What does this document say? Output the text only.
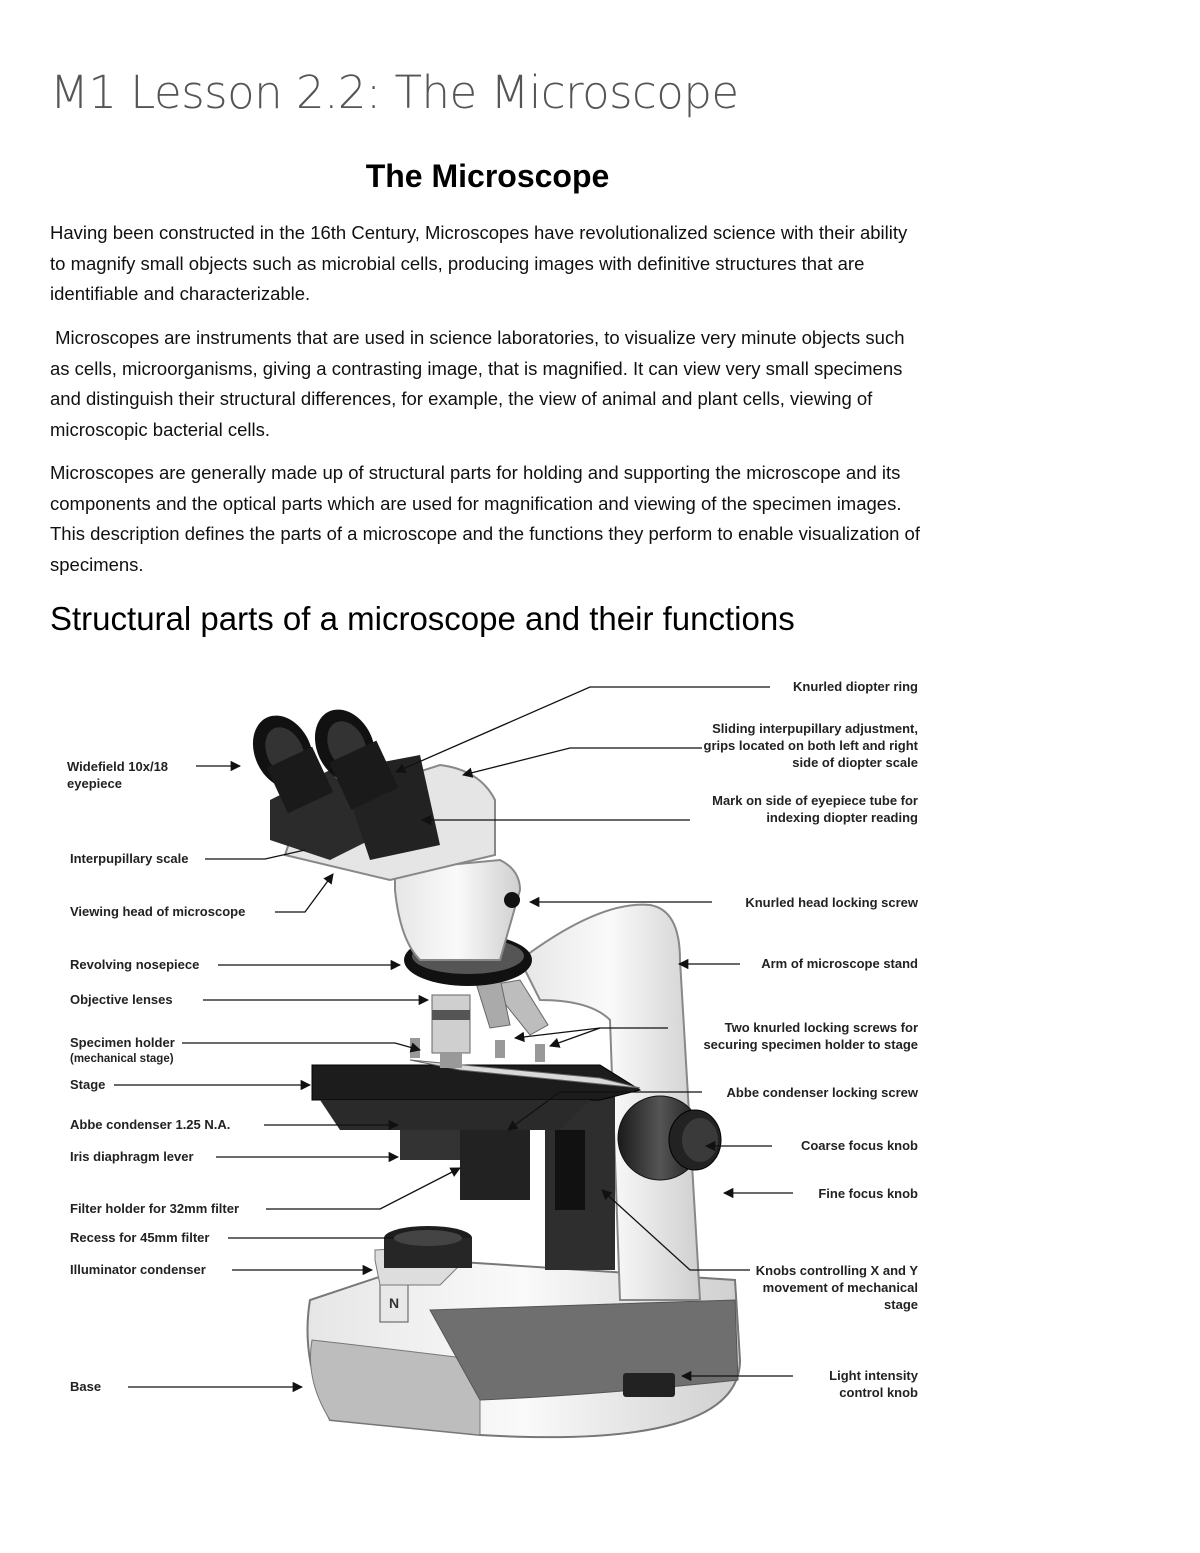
M1 Lesson 2.2: The Microscope
The Microscope

Having been constructed in the 16th Century, Microscopes have revolutionalized science with their ability to magnify small objects such as microbial cells, producing images with definitive structures that are identifiable and characterizable.

Microscopes are instruments that are used in science laboratories, to visualize very minute objects such as cells, microorganisms, giving a contrasting image, that is magnified. It can view very small specimens and distinguish their structural differences, for example, the view of animal and plant cells, viewing of microscopic bacterial cells.

Microscopes are generally made up of structural parts for holding and supporting the microscope and its components and the optical parts which are used for magnification and viewing of the specimen images. This description defines the parts of a microscope and the functions they perform to enable visualization of specimens.

Structural parts of a microscope and their functions
N
Widefield 10x/18
eyepiece
Interpupillary scale
Viewing head of microscope
Revolving nosepiece
Objective lenses
Specimen holder
(mechanical stage)
Stage
Abbe condenser 1.25 N.A.
Iris diaphragm lever
Filter holder for 32mm filter
Recess for 45mm filter
Illuminator condenser
Base
Knurled diopter ring
Sliding interpupillary adjustment,
grips located on both left and right
side of diopter scale
Mark on side of eyepiece tube for
indexing diopter reading
Knurled head locking screw
Arm of microscope stand
Two knurled locking screws for
securing specimen holder to stage
Abbe condenser locking screw
Coarse focus knob
Fine focus knob
Knobs controlling X and Y
movement of mechanical
stage
Light intensity
control knob
